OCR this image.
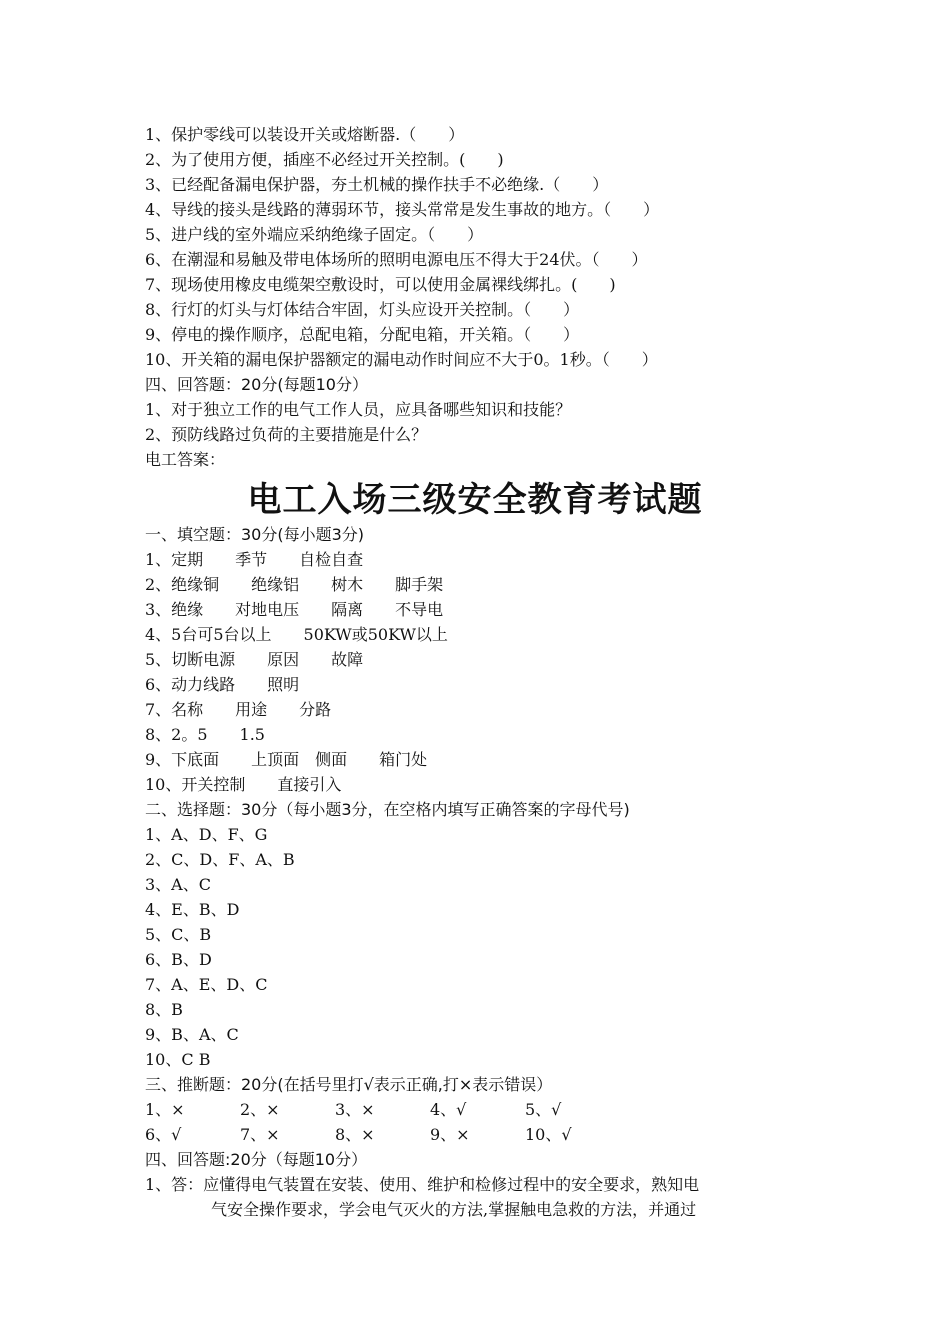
1、保护零线可以装设开关或熔断器.（　　）
2、为了使用方便，插座不必经过开关控制。(　　)
3、已经配备漏电保护器，夯土机械的操作扶手不必绝缘.（　　）
4、导线的接头是线路的薄弱环节，接头常常是发生事故的地方。（　　）
5、进户线的室外端应采纳绝缘子固定。（　　）
6、在潮湿和易触及带电体场所的照明电源电压不得大于24伏。（　　）
7、现场使用橡皮电缆架空敷设时，可以使用金属裸线绑扎。(　　)
8、行灯的灯头与灯体结合牢固，灯头应设开关控制。（　　）
9、停电的操作顺序，总配电箱，分配电箱，开关箱。（　　）
10、开关箱的漏电保护器额定的漏电动作时间应不大于0。1秒。（　　）
四、回答题：20分(每题10分）
1、对于独立工作的电气工作人员，应具备哪些知识和技能？
2、预防线路过负荷的主要措施是什么？
电工答案：
电工入场三级安全教育考试题
一、填空题：30分(每小题3分)
1、定期　　季节　　自检自查
2、绝缘铜　　绝缘铝　　树木　　脚手架
3、绝缘　　对地电压　　隔离　　不导电
4、5台可5台以上　　50KW或50KW以上
5、切断电源　　原因　　故障
6、动力线路　　照明
7、名称　　用途　　分路
8、2。5　　1.5
9、下底面　　上顶面　侧面　　箱门处
10、开关控制　　直接引入
二、选择题：30分（每小题3分，在空格内填写正确答案的字母代号)
1、A、D、F、G
2、C、D、F、A、B
3、A、C
4、E、B、D
5、C、B
6、B、D
7、A、E、D、C
8、B
9、B、A、C
10、C B
三、推断题：20分(在括号里打√表示正确,打×表示错误）
1、×	2、×	3、×	4、√	5、√
6、√	7、×	8、×	9、×	10、√
四、回答题:20分（每题10分）
1、答：应懂得电气装置在安装、使用、维护和检修过程中的安全要求，熟知电
气安全操作要求，学会电气灭火的方法,掌握触电急救的方法，并通过
